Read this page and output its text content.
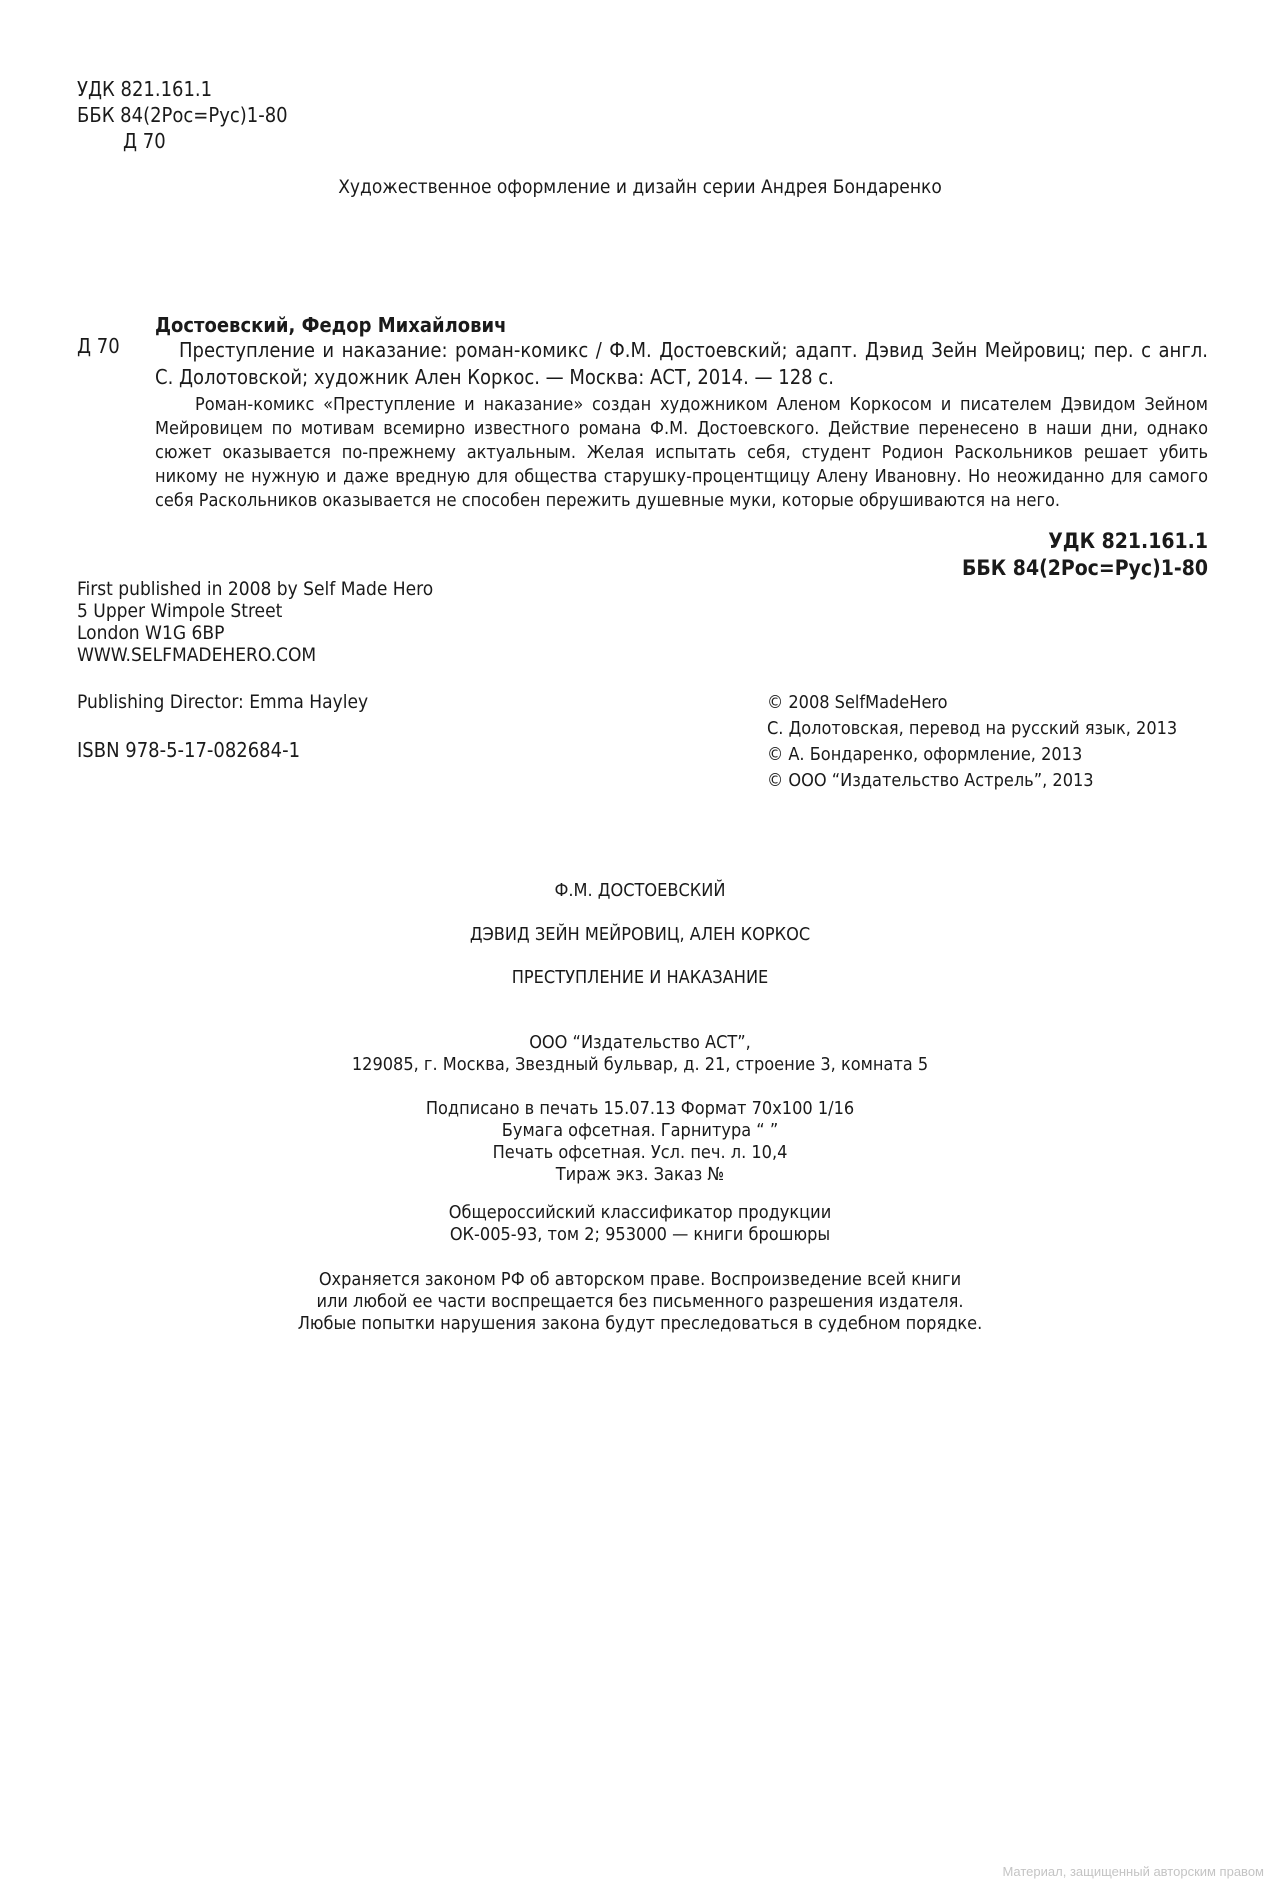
УДК 821.161.1
ББК 84(2Рос=Рус)1-80
Д 70
Художественное оформление и дизайн серии Андрея Бондаренко
Д 70
Достоевский, Федор Михайлович
Преступление и наказание: роман-комикс / Ф.М. Достоевский; адапт. Дэвид Зейн Мейровиц; пер. с англ. С. Долотовской; художник Ален Коркос. — Москва: АСТ, 2014. — 128 с.
Роман-комикс «Преступление и наказание» создан художником Аленом Коркосом и писателем Дэвидом Зейном Мейровицем по мотивам всемирно известного романа Ф.М. Достоевского. Действие перенесено в наши дни, однако сюжет оказывается по-прежнему актуальным. Желая испытать себя, студент Родион Раскольников решает убить никому не нужную и даже вредную для общества старушку-процентщицу Алену Ивановну. Но неожиданно для самого себя Раскольников оказывается не способен пережить душевные муки, которые обрушиваются на него.
УДК 821.161.1
ББК 84(2Рос=Рус)1-80
First published in 2008 by Self Made Hero
5 Upper Wimpole Street
London W1G 6BP
WWW.SELFMADEHERO.COM
Publishing Director: Emma Hayley
ISBN 978-5-17-082684-1
© 2008 SelfMadeHero
С. Долотовская, перевод на русский язык, 2013
© А. Бондаренко, оформление, 2013
© ООО “Издательство Астрель”, 2013
Ф.М. ДОСТОЕВСКИЙ
ДЭВИД ЗЕЙН МЕЙРОВИЦ, АЛЕН КОРКОС
ПРЕСТУПЛЕНИЕ И НАКАЗАНИЕ
ООО “Издательство АСТ”,
129085, г. Москва, Звездный бульвар, д. 21, строение 3, комната 5
Подписано в печать 15.07.13 Формат 70х100 1/16
Бумага офсетная. Гарнитура “ ”
Печать офсетная. Усл. печ. л. 10,4
Тираж экз. Заказ №
Общероссийский классификатор продукции
ОК-005-93, том 2; 953000 — книги брошюры
Охраняется законом РФ об авторском праве. Воспроизведение всей книги
или любой ее части воспрещается без письменного разрешения издателя.
Любые попытки нарушения закона будут преследоваться в судебном порядке.
Материал, защищенный авторским правом
